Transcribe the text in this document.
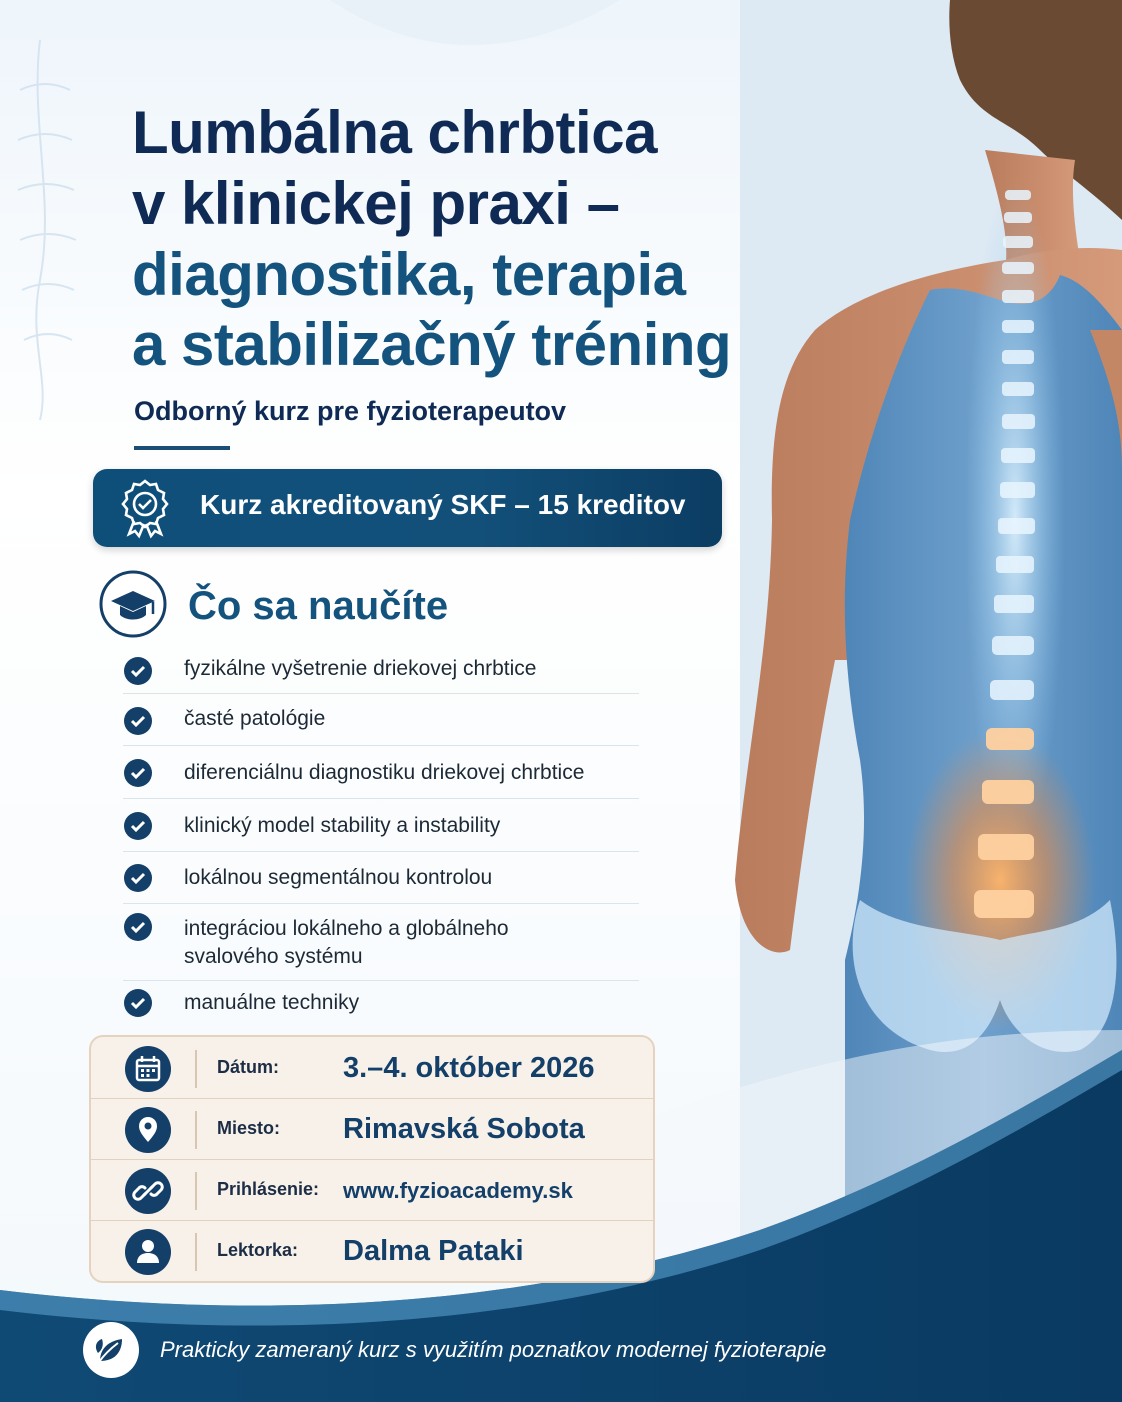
Lumbálna chrbtica
v klinickej praxi –
diagnostika, terapia
a stabilizačný tréning
Odborný kurz pre fyzioterapeutov
Kurz akreditovaný SKF – 15 kreditov
Čo sa naučíte
fyzikálne vyšetrenie driekovej chrbtice
časté patológie
diferenciálnu diagnostiku driekovej chrbtice
klinický model stability a instability
lokálnou segmentálnou kontrolou
integráciou lokálneho a globálneho
svalového systému
manuálne techniky
Dátum: 3.–4. október 2026
Miesto: Rimavská Sobota
Prihlásenie: www.fyzioacademy.sk
Lektorka: Dalma Pataki
Prakticky zameraný kurz s využitím poznatkov modernej fyzioterapie
